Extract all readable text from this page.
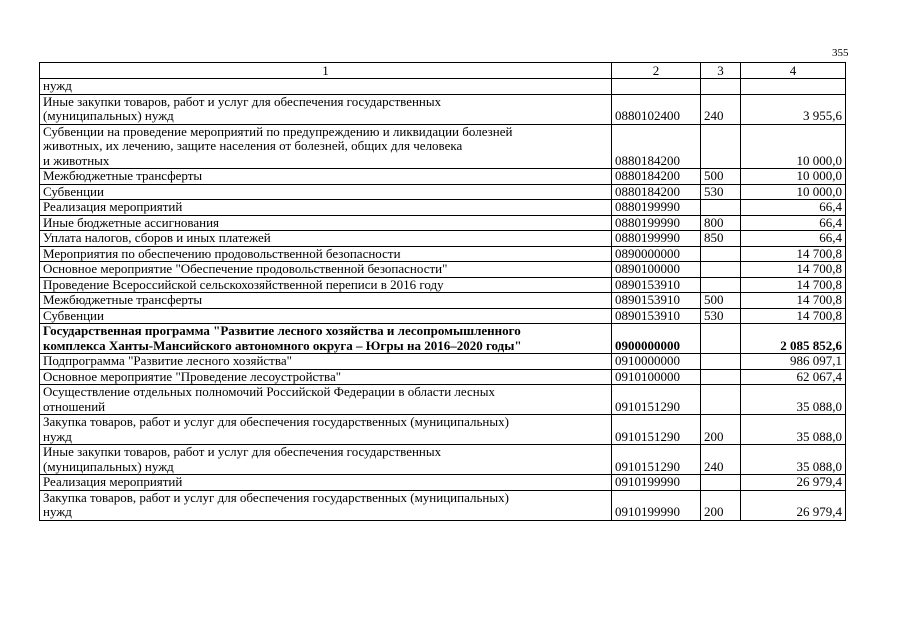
355
1	2	3	4

нужд			

Иные закупки товаров, работ и услуг для обеспечения государственных
(муниципальных) нужд	0880102400	240	3 955,6

Субвенции на проведение мероприятий по предупреждению и ликвидации болезней
животных, их лечению, защите населения от болезней, общих для человека
и животных	0880184200		10 000,0

Межбюджетные трансферты	0880184200	500	10 000,0

Субвенции	0880184200	530	10 000,0

Реализация мероприятий	0880199990		66,4

Иные бюджетные ассигнования	0880199990	800	66,4

Уплата налогов, сборов и иных платежей	0880199990	850	66,4

Мероприятия по обеспечению продовольственной безопасности	0890000000		14 700,8

Основное мероприятие "Обеспечение продовольственной безопасности"	0890100000		14 700,8

Проведение Всероссийской сельскохозяйственной переписи в 2016 году	0890153910		14 700,8

Межбюджетные трансферты	0890153910	500	14 700,8

Субвенции	0890153910	530	14 700,8

Государственная программа "Развитие лесного хозяйства и лесопромышленного
комплекса Ханты-Мансийского автономного округа – Югры на 2016–2020 годы"	0900000000		2 085 852,6

Подпрограмма "Развитие лесного хозяйства"	0910000000		986 097,1

Основное мероприятие "Проведение лесоустройства"	0910100000		62 067,4

Осуществление отдельных полномочий Российской Федерации в области лесных
отношений	0910151290		35 088,0

Закупка товаров, работ и услуг для обеспечения государственных (муниципальных)
нужд	0910151290	200	35 088,0

Иные закупки товаров, работ и услуг для обеспечения государственных
(муниципальных) нужд	0910151290	240	35 088,0

Реализация мероприятий	0910199990		26 979,4

Закупка товаров, работ и услуг для обеспечения государственных (муниципальных)
нужд	0910199990	200	26 979,4
